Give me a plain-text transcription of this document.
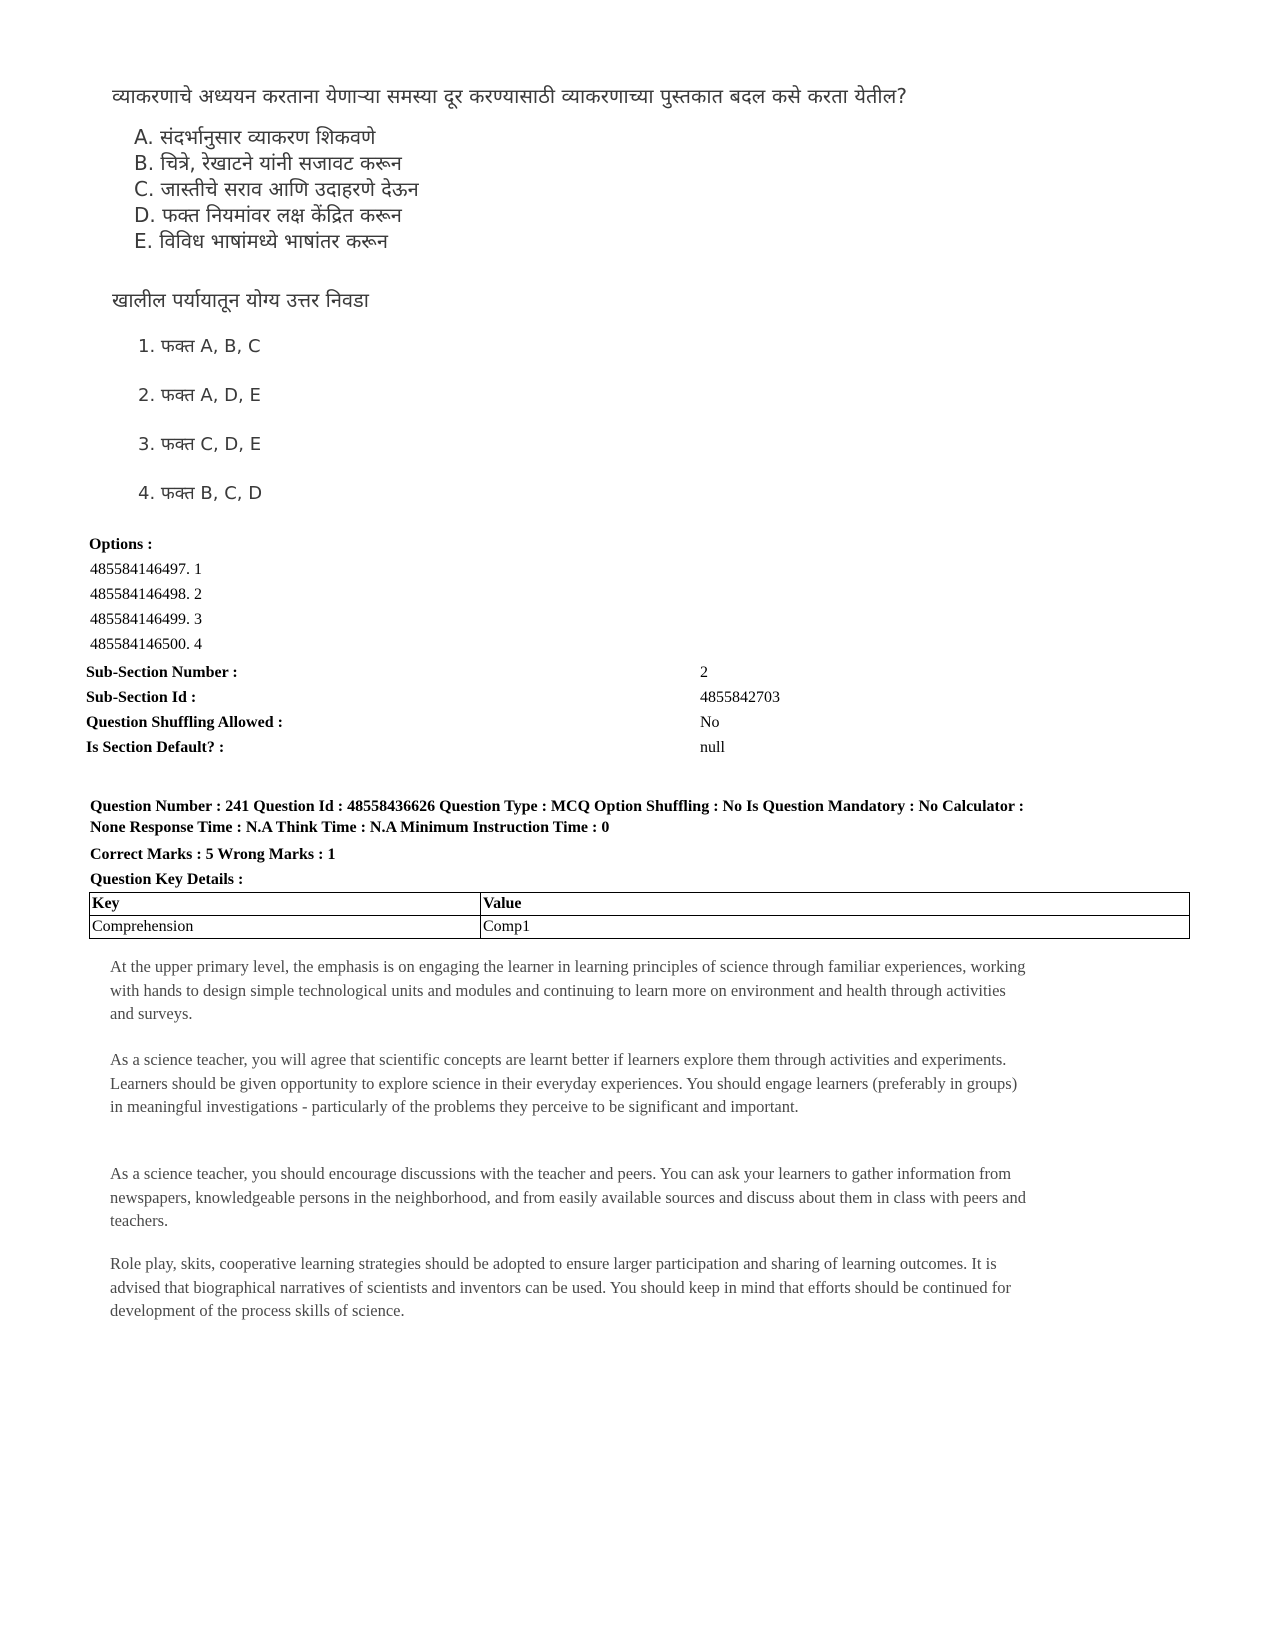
व्याकरणाचे अध्ययन करताना येणाऱ्या समस्या दूर करण्यासाठी व्याकरणाच्या पुस्तकात बदल कसे करता येतील?
A. संदर्भानुसार व्याकरण शिकवणे
B. चित्रे, रेखाटने यांनी सजावट करून
C. जास्तीचे सराव आणि उदाहरणे देऊन
D. फक्त नियमांवर लक्ष केंद्रित करून
E. विविध भाषांमध्ये भाषांतर करून
खालील पर्यायातून योग्य उत्तर निवडा
1. फक्त A, B, C
2. फक्त A, D, E
3. फक्त C, D, E
4. फक्त B, C, D
Options :
485584146497. 1
485584146498. 2
485584146499. 3
485584146500. 4
Sub-Section Number :	2
Sub-Section Id :	4855842703
Question Shuffling Allowed :	No
Is Section Default? :	null
Question Number : 241 Question Id : 48558436626 Question Type : MCQ Option Shuffling : No Is Question Mandatory : No Calculator :
None Response Time : N.A Think Time : N.A Minimum Instruction Time : 0
Correct Marks : 5 Wrong Marks : 1
Question Key Details :
Key	Value
Comprehension	Comp1

At the upper primary level, the emphasis is on engaging the learner in learning principles of science through familiar experiences, working with hands to design simple technological units and modules and continuing to learn more on environment and health through activities and surveys.

As a science teacher, you will agree that scientific concepts are learnt better if learners explore them through activities and experiments. Learners should be given opportunity to explore science in their everyday experiences. You should engage learners (preferably in groups) in meaningful investigations - particularly of the problems they perceive to be significant and important.

As a science teacher, you should encourage discussions with the teacher and peers. You can ask your learners to gather information from newspapers, knowledgeable persons in the neighborhood, and from easily available sources and discuss about them in class with peers and teachers.

Role play, skits, cooperative learning strategies should be adopted to ensure larger participation and sharing of learning outcomes. It is advised that biographical narratives of scientists and inventors can be used. You should keep in mind that efforts should be continued for development of the process skills of science.
